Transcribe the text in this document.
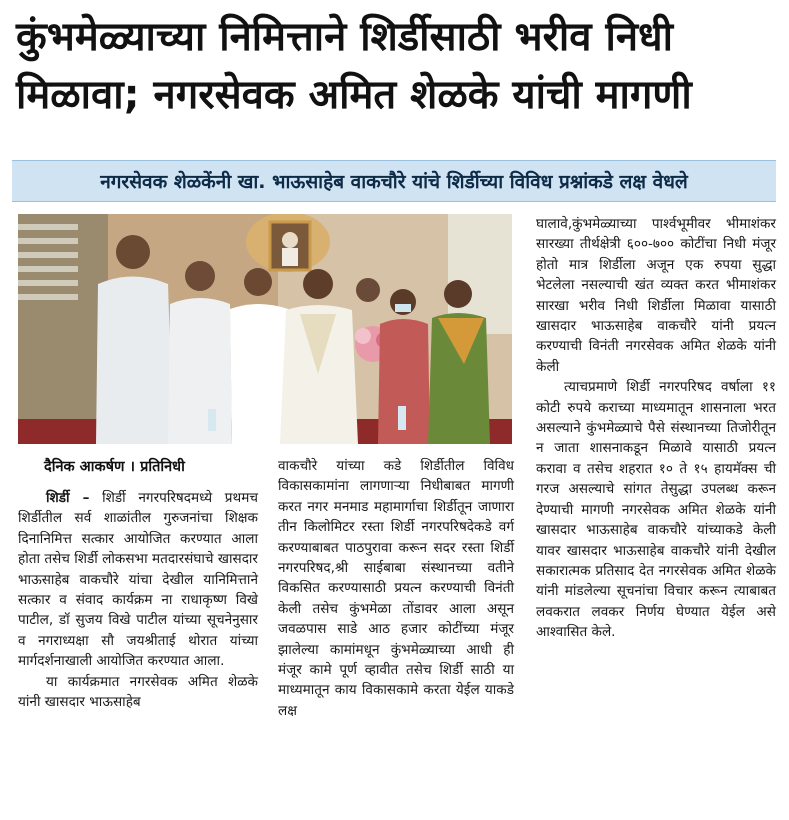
कुंभमेळ्याच्या निमित्ताने शिर्डीसाठी भरीव निधी मिळावा; नगरसेवक अमित शेळके यांची मागणी
नगरसेवक शेळकेंनी खा. भाऊसाहेब वाकचौरे यांचे शिर्डीच्या विविध प्रश्नांकडे लक्ष वेधले
दैनिक आकर्षण । प्रतिनिधी

शिर्डी – शिर्डी नगरपरिषदमध्ये प्रथमच शिर्डीतील सर्व शाळांतील गुरुजनांचा शिक्षक दिनानिमित्त सत्कार आयोजित करण्यात आला होता तसेच शिर्डी लोकसभा मतदारसंघाचे खासदार भाऊसाहेब वाकचौरे यांचा देखील यानिमित्ताने सत्कार व संवाद कार्यक्रम ना राधाकृष्ण विखे पाटील, डॉ सुजय विखे पाटील यांच्या सूचनेनुसार व नगराध्यक्षा सौ जयश्रीताई थोरात यांच्या मार्गदर्शनाखाली आयोजित करण्यात आला.

या कार्यक्रमात नगरसेवक अमित शेळके यांनी खासदार भाऊसाहेब

वाकचौरे यांच्या कडे शिर्डीतील विविध विकासकामांना लागणाऱ्या निधीबाबत मागणी करत नगर मनमाड महामार्गाचा शिर्डीतून जाणारा तीन किलोमिटर रस्ता शिर्डी नगरपरिषदेकडे वर्ग करण्याबाबत पाठपुरावा करून सदर रस्ता शिर्डी नगरपरिषद,श्री साईबाबा संस्थानच्या वतीने विकसित करण्यासाठी प्रयत्न करण्याची विनंती केली तसेच कुंभमेळा तोंडावर आला असून जवळपास साडे आठ हजार कोटींच्या मंजूर झालेल्या कामांमधून कुंभमेळ्याच्या आधी ही मंजूर कामे पूर्ण व्हावीत तसेच शिर्डी साठी या माध्यमातून काय विकासकामे करता येईल याकडे लक्ष

घालावे,कुंभमेळ्याच्या पार्श्वभूमीवर भीमाशंकर सारख्या तीर्थक्षेत्री ६००-७०० कोटींचा निधी मंजूर होतो मात्र शिर्डीला अजून एक रुपया सुद्धा भेटलेला नसल्याची खंत व्यक्त करत भीमाशंकर सारखा भरीव निधी शिर्डीला मिळावा यासाठी खासदार भाऊसाहेब वाकचौरे यांनी प्रयत्न करण्याची विनंती नगरसेवक अमित शेळके यांनी केली

त्याचप्रमाणे शिर्डी नगरपरिषद वर्षाला ११ कोटी रुपये कराच्या माध्यमातून शासनाला भरत असल्याने कुंभमेळ्याचे पैसे संस्थानच्या तिजोरीतून न जाता शासनाकडून मिळावे यासाठी प्रयत्न करावा व तसेच शहरात १० ते १५ हायमॅक्स ची गरज असल्याचे सांगत तेसुद्धा उपलब्ध करून देण्याची मागणी नगरसेवक अमित शेळके यांनी खासदार भाऊसाहेब वाकचौरे यांच्याकडे केली यावर खासदार भाऊसाहेब वाकचौरे यांनी देखील सकारात्मक प्रतिसाद देत नगरसेवक अमित शेळके यांनी मांडलेल्या सूचनांचा विचार करून त्याबाबत लवकरात लवकर निर्णय घेण्यात येईल असे आश्वासित केले.
